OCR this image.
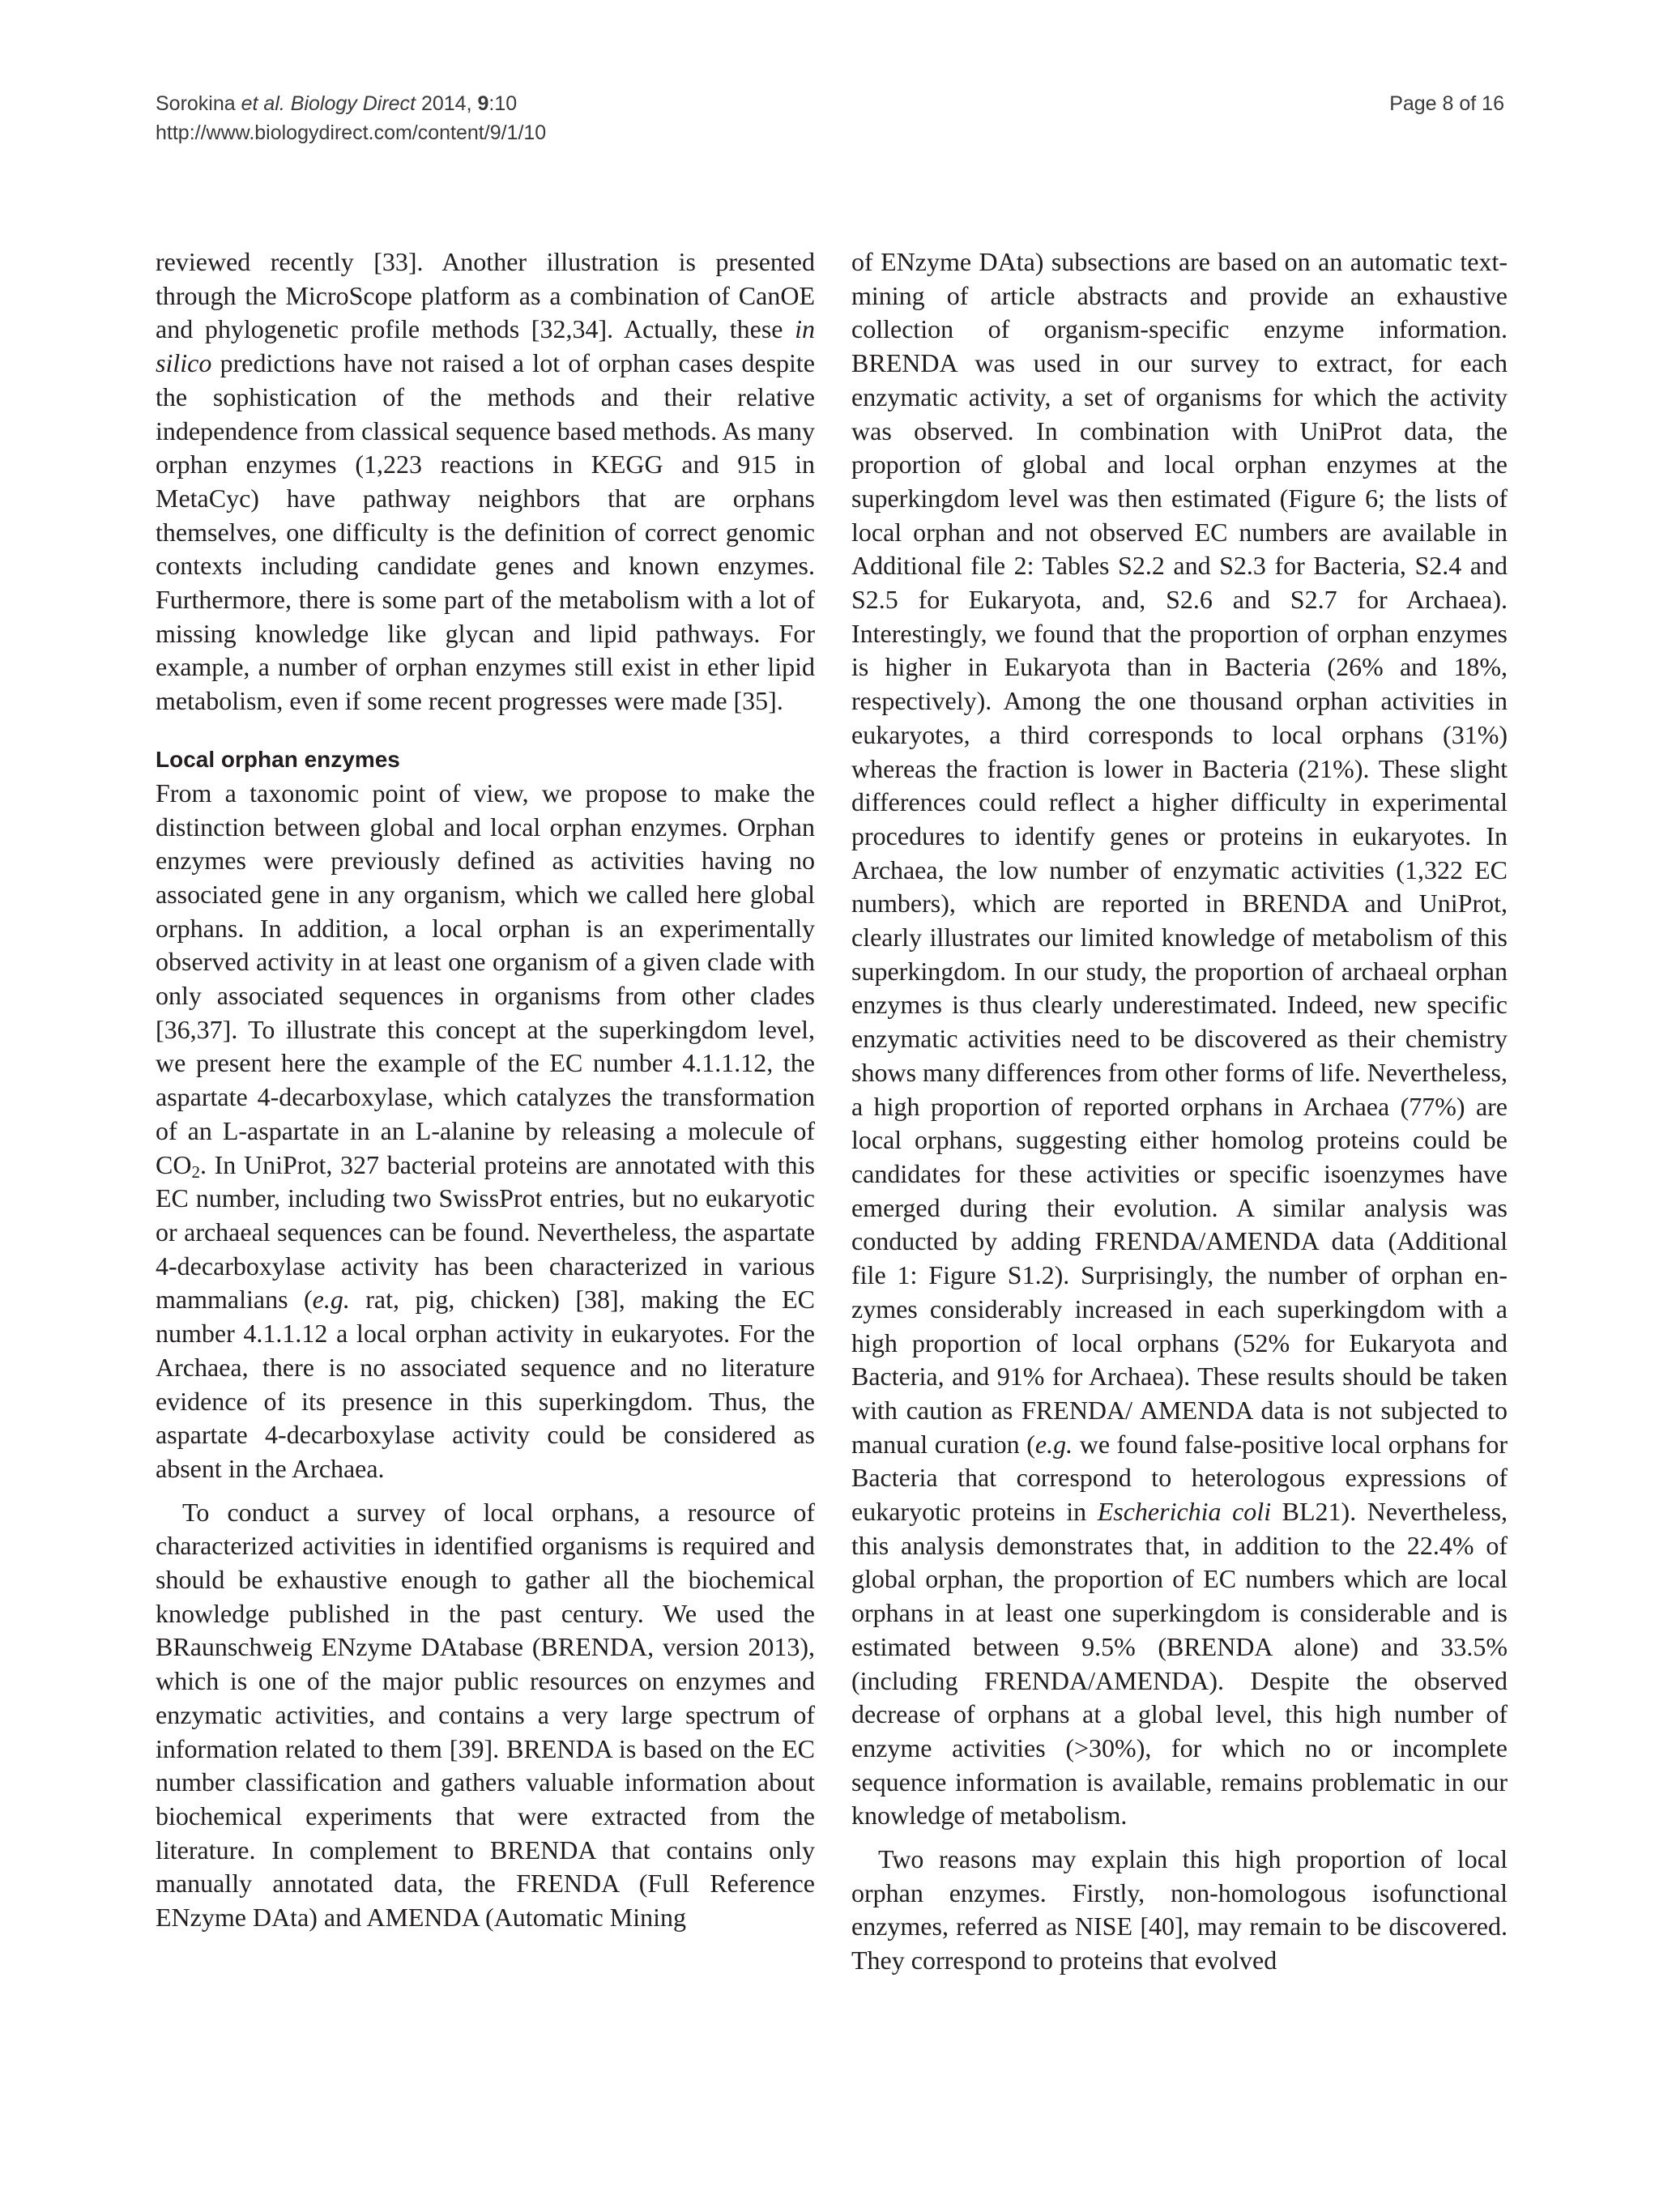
Sorokina et al. Biology Direct 2014, 9:10
http://www.biologydirect.com/content/9/1/10
Page 8 of 16

reviewed recently [33]. Another illustration is presented through the MicroScope platform as a combination of CanOE and phylogenetic profile methods [32,34]. Actually, these in silico predictions have not raised a lot of orphan cases despite the sophistication of the methods and their relative independence from classical sequence based methods. As many orphan enzymes (1,223 reactions in KEGG and 915 in MetaCyc) have pathway neighbors that are orphans themselves, one difficulty is the definition of correct genomic contexts including candidate genes and known enzymes. Furthermore, there is some part of the metabolism with a lot of missing knowledge like glycan and lipid pathways. For example, a number of orphan enzymes still exist in ether lipid metabolism, even if some recent progresses were made [35].

Local orphan enzymes

From a taxonomic point of view, we propose to make the distinction between global and local orphan enzymes. Orphan enzymes were previously defined as activities having no associated gene in any organism, which we called here global orphans. In addition, a local orphan is an experimentally observed activity in at least one organism of a given clade with only associated sequences in organisms from other clades [36,37]. To illustrate this concept at the superkingdom level, we present here the example of the EC number 4.1.1.12, the aspartate 4-decarboxylase, which catalyzes the transformation of an L-aspartate in an L-alanine by releasing a molecule of $CO_2$. In UniProt, 327 bacterial proteins are annotated with this EC number, including two SwissProt entries, but no eukaryotic or archaeal sequences can be found. Nevertheless, the aspartate 4-decarboxylase activity has been characterized in various mammalians (e.g. rat, pig, chicken) [38], making the EC number 4.1.1.12 a local orphan activity in eukaryotes. For the Archaea, there is no associated sequence and no literature evidence of its presence in this superkingdom. Thus, the aspartate 4-decarboxylase activity could be considered as absent in the Archaea.

To conduct a survey of local orphans, a resource of characterized activities in identified organisms is required and should be exhaustive enough to gather all the biochemical knowledge published in the past century. We used the BRaunschweig ENzyme DAtabase (BRENDA, version 2013), which is one of the major public resources on enzymes and enzymatic activities, and contains a very large spectrum of information related to them [39]. BRENDA is based on the EC number classification and gathers valuable information about biochemical experiments that were extracted from the literature. In complement to BRENDA that contains only manually annotated data, the FRENDA (Full Reference ENzyme DAta) and AMENDA (Automatic Mining

of ENzyme DAta) subsections are based on an automatic text-mining of article abstracts and provide an exhaustive collection of organism-specific enzyme information. BRENDA was used in our survey to extract, for each enzymatic activity, a set of organisms for which the activity was observed. In combination with UniProt data, the proportion of global and local orphan enzymes at the superkingdom level was then estimated (Figure 6; the lists of local orphan and not observed EC numbers are available in Additional file 2: Tables S2.2 and S2.3 for Bacteria, S2.4 and S2.5 for Eukaryota, and, S2.6 and S2.7 for Archaea). Interestingly, we found that the proportion of orphan enzymes is higher in Eukaryota than in Bacteria (26% and 18%, respectively). Among the one thousand orphan activities in eukaryotes, a third corresponds to local orphans (31%) whereas the fraction is lower in Bacteria (21%). These slight differences could reflect a higher difficulty in experimental procedures to identify genes or proteins in eukaryotes. In Archaea, the low number of enzymatic activities (1,322 EC numbers), which are reported in BRENDA and UniProt, clearly illustrates our limited knowledge of metabolism of this superkingdom. In our study, the proportion of archaeal orphan enzymes is thus clearly underestimated. Indeed, new specific enzymatic activities need to be discovered as their chemistry shows many differences from other forms of life. Nevertheless, a high proportion of reported orphans in Archaea (77%) are local orphans, suggesting either homolog proteins could be candidates for these activities or specific isoenzymes have emerged during their evolution. A similar analysis was conducted by adding FRENDA/AMENDA data (Additional file 1: Figure S1.2). Surprisingly, the number of orphan enzymes considerably increased in each superkingdom with a high proportion of local orphans (52% for Eukaryota and Bacteria, and 91% for Archaea). These results should be taken with caution as FRENDA/ AMENDA data is not subjected to manual curation (e.g. we found false-positive local orphans for Bacteria that correspond to heterologous expressions of eukaryotic proteins in Escherichia coli BL21). Nevertheless, this analysis demonstrates that, in addition to the 22.4% of global orphan, the proportion of EC numbers which are local orphans in at least one superkingdom is considerable and is estimated between 9.5% (BRENDA alone) and 33.5% (including FRENDA/AMENDA). Despite the observed decrease of orphans at a global level, this high number of enzyme activities (>30%), for which no or incomplete sequence information is available, remains problematic in our knowledge of metabolism.

Two reasons may explain this high proportion of local orphan enzymes. Firstly, non-homologous isofunctional enzymes, referred as NISE [40], may remain to be discovered. They correspond to proteins that evolved
